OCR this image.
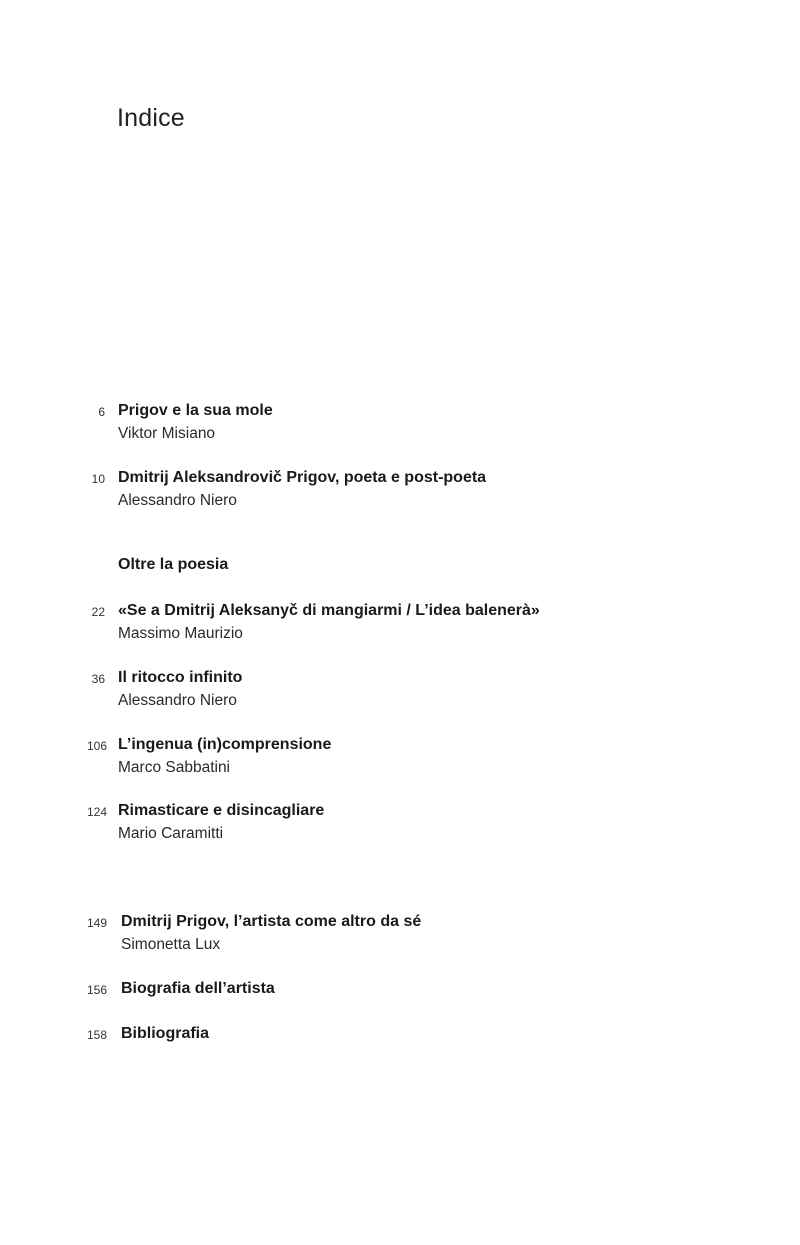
Indice
6 Prigov e la sua mole
Viktor Misiano
10 Dmitrij Aleksandrovič Prigov, poeta e post-poeta
Alessandro Niero
Oltre la poesia
22 «Se a Dmitrij Aleksanyč di mangiarmi / L’idea balenerà»
Massimo Maurizio
36 Il ritocco infinito
Alessandro Niero
106 L’ingenua (in)comprensione
Marco Sabbatini
124 Rimasticare e disincagliare
Mario Caramitti
149 Dmitrij Prigov, l’artista come altro da sé
Simonetta Lux
156 Biografia dell’artista
158 Bibliografia
